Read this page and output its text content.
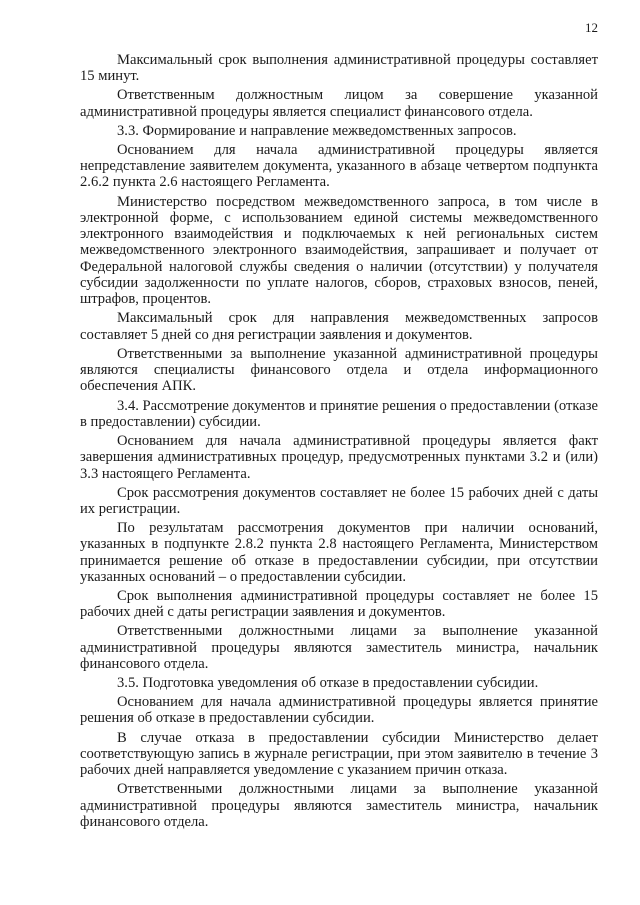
12

Максимальный срок выполнения административной процедуры составляет 15 минут.

Ответственным должностным лицом за совершение указанной административной процедуры является специалист финансового отдела.

3.3. Формирование и направление межведомственных запросов.

Основанием для начала административной процедуры является непредставление заявителем документа, указанного в абзаце четвертом подпункта 2.6.2 пункта 2.6 настоящего Регламента.

Министерство посредством межведомственного запроса, в том числе в электронной форме, с использованием единой системы межведомственного электронного взаимодействия и подключаемых к ней региональных систем межведомственного электронного взаимодействия, запрашивает и получает от Федеральной налоговой службы сведения о наличии (отсутствии) у получателя субсидии задолженности по уплате налогов, сборов, страховых взносов, пеней, штрафов, процентов.

Максимальный срок для направления межведомственных запросов составляет 5 дней со дня регистрации заявления и документов.

Ответственными за выполнение указанной административной процедуры являются специалисты финансового отдела и отдела информационного обеспечения АПК.

3.4. Рассмотрение документов и принятие решения о предоставлении (отказе в предоставлении) субсидии.

Основанием для начала административной процедуры является факт завершения административных процедур, предусмотренных пунктами 3.2 и (или) 3.3 настоящего Регламента.

Срок рассмотрения документов составляет не более 15 рабочих дней с даты их регистрации.

По результатам рассмотрения документов при наличии оснований, указанных в подпункте 2.8.2 пункта 2.8 настоящего Регламента, Министерством принимается решение об отказе в предоставлении субсидии, при отсутствии указанных оснований – о предоставлении субсидии.

Срок выполнения административной процедуры составляет не более 15 рабочих дней с даты регистрации заявления и документов.

Ответственными должностными лицами за выполнение указанной административной процедуры являются заместитель министра, начальник финансового отдела.

3.5. Подготовка уведомления об отказе в предоставлении субсидии.

Основанием для начала административной процедуры является принятие решения об отказе в предоставлении субсидии.

В случае отказа в предоставлении субсидии Министерство делает соответствующую запись в журнале регистрации, при этом заявителю в течение 3 рабочих дней направляется уведомление с указанием причин отказа.

Ответственными должностными лицами за выполнение указанной административной процедуры являются заместитель министра, начальник финансового отдела.
